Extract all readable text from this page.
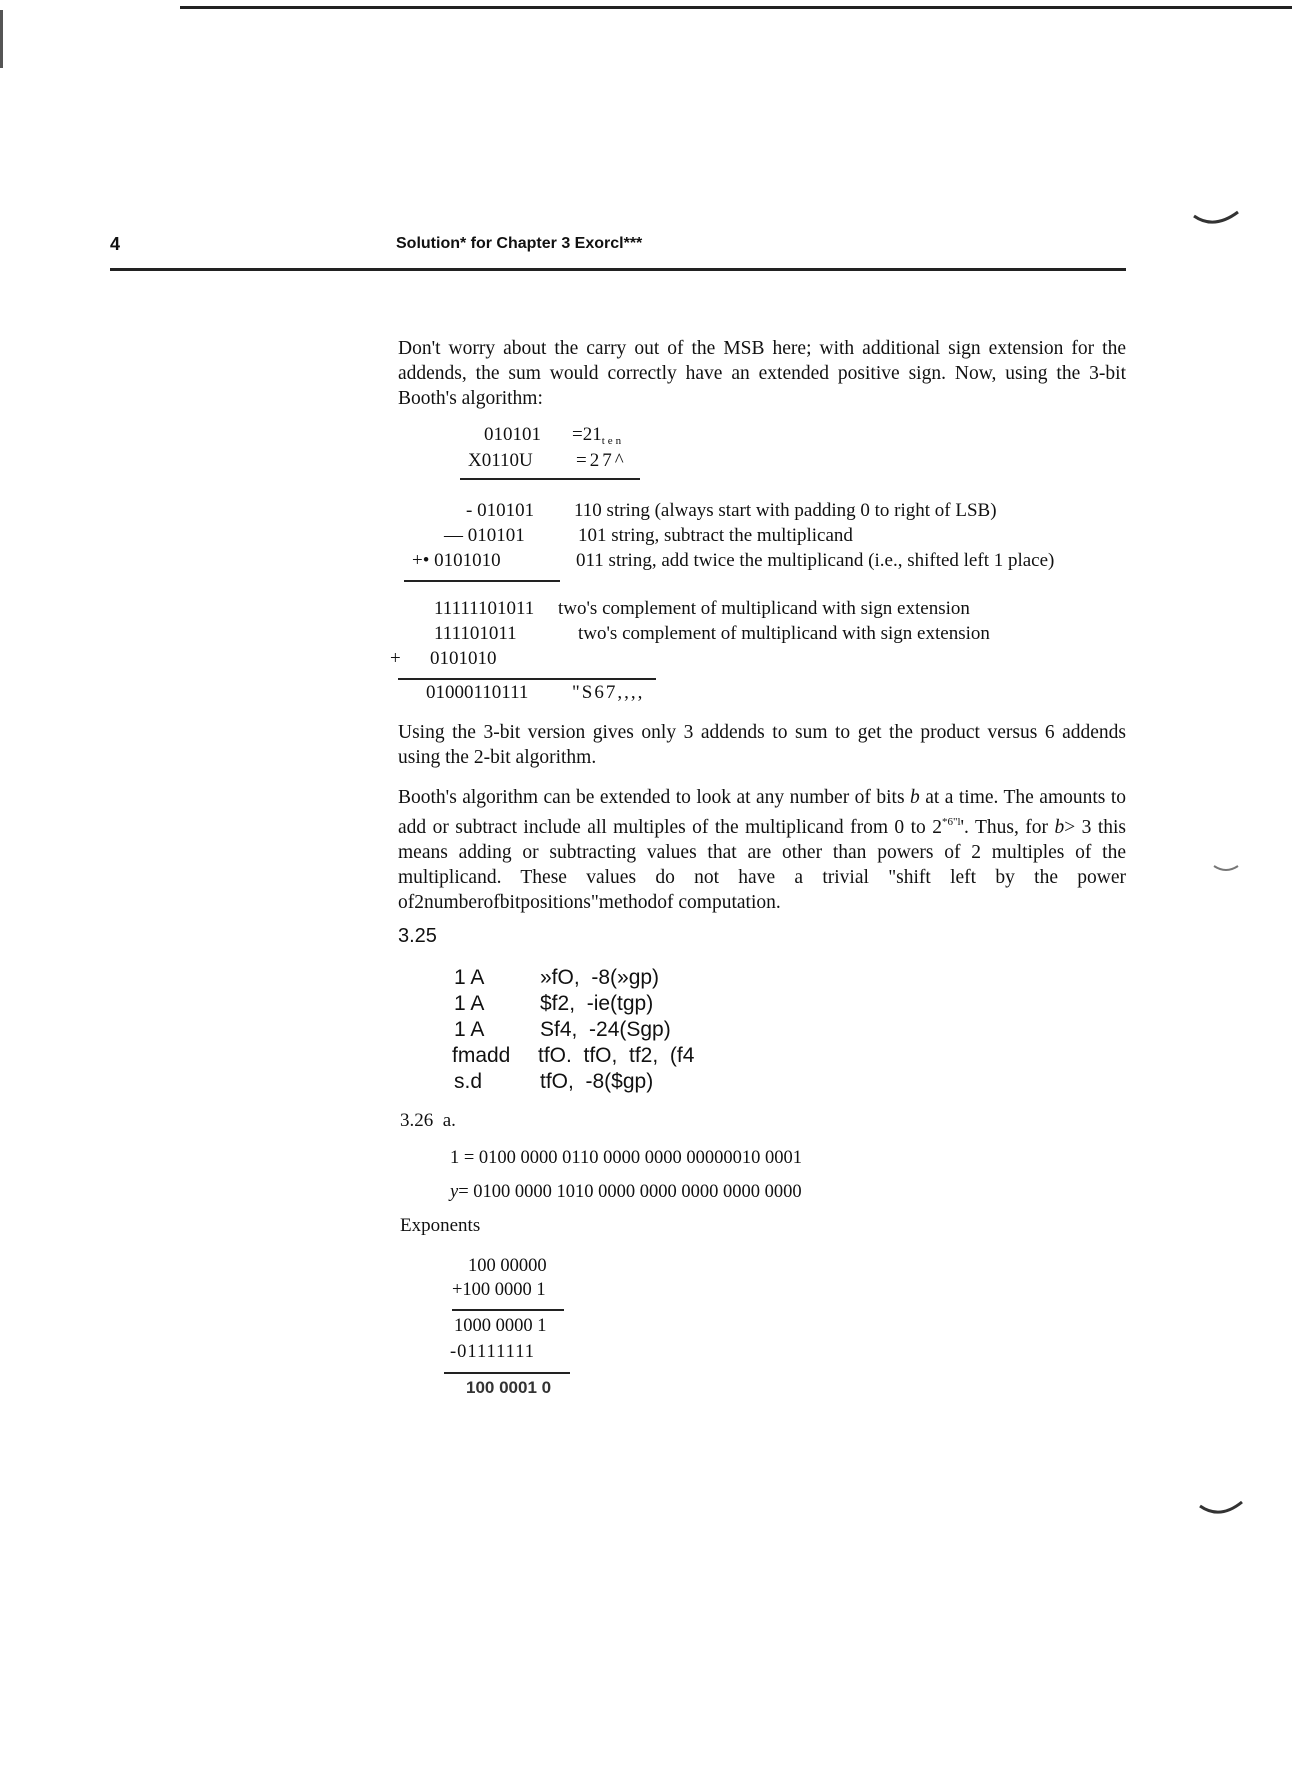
4	Solution* for Chapter 3 Exorcl***

Don't worry about the carry out of the MSB here; with additional sign extension for the addends, the sum would correctly have an extended positive sign. Now, using the 3-bit Booth's algorithm:

$010101 =21_{ten}$
X0110U =27^
- 010101 110 string (always start with padding 0 to right of LSB)
— 010101	101 string, subtract the multiplicand
+• 0101010	011 string, add twice the multiplicand (i.e., shifted left 1 place)
11111101011 two's complement of multiplicand with sign extension
111101011	two's complement of multiplicand with sign extension
+ 0101010
01000110111 "S67,,,,

Using the 3-bit version gives only 3 addends to sum to get the product versus 6 addends using the 2-bit algorithm.

Booth's algorithm can be extended to look at any number of bits b at a time. The amounts to add or subtract include all multiples of the multiplicand from 0 to $2^{*6"l}'$. Thus, for b> 3 this means adding or subtracting values that are other than powers of 2 multiples of the multiplicand. These values do not have a trivial "shift left by the power of2numberofbitpositions"methodof computation.

3.25
1 A	»fO,  -8(»gp)
1 A	$f2,  -ie(tgp)
1 A	Sf4,  -24(Sgp)
fmadd tfO.  tfO,  tf2,  (f4
s.d	tfO,  -8($gp)
3.26  a.
1 = 0100 0000 0110 0000 0000 00000010 0001
y= 0100 0000 1010 0000 0000 0000 0000 0000
Exponents
100 00000
+100 0000 1
1000 0000 1
-01111111
100 0001 0
